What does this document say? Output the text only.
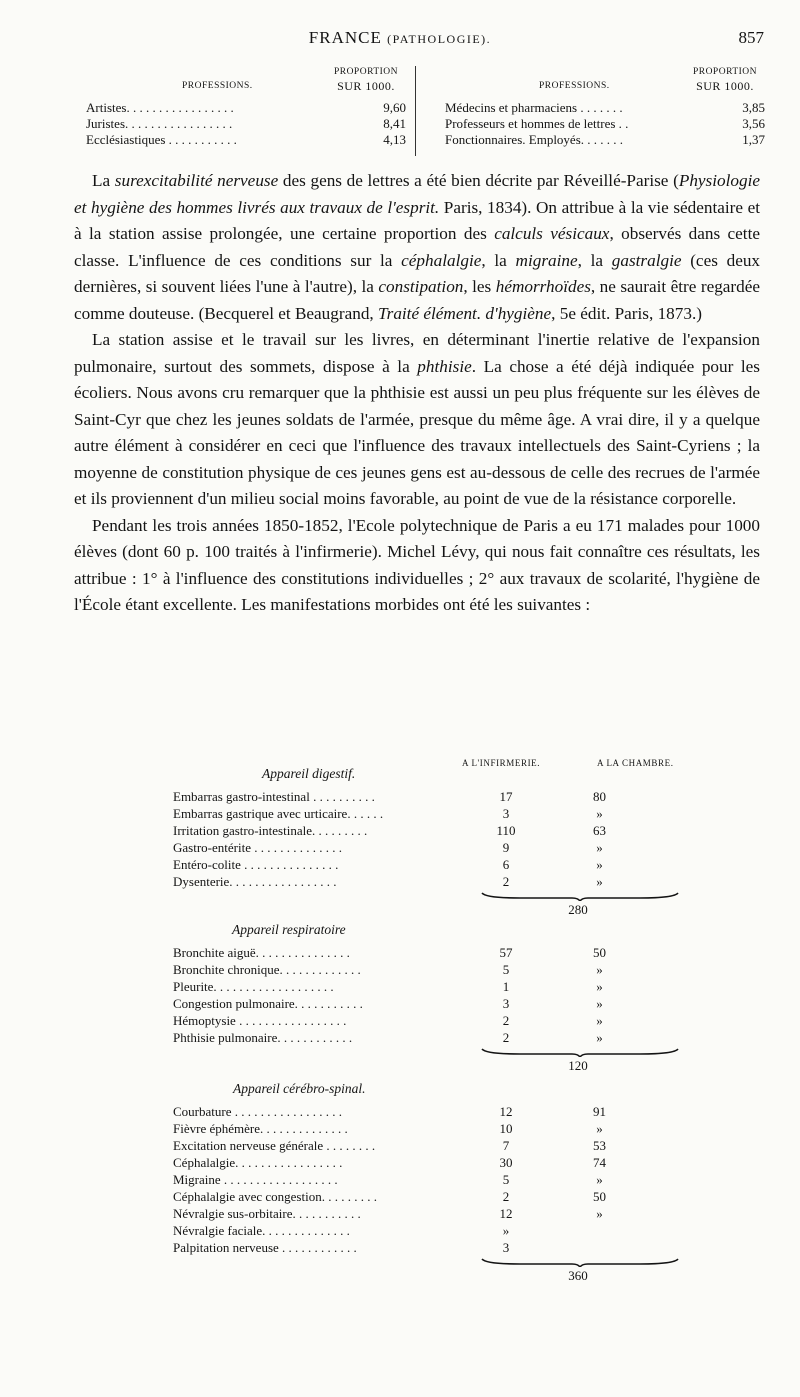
FRANCE (PATHOLOGIE).	857
PROFESSIONS.
PROPORTION
SUR 1000.
Artistes. . . . . . . . . . . . . . . . .	9,60
Juristes. . . . . . . . . . . . . . . . .	8,41
Ecclésiastiques . . . . . . . . . . .	4,13
PROFESSIONS.
PROPORTION
SUR 1000.
Médecins et pharmaciens . . . . . . .	3,85
Professeurs et hommes de lettres . .	3,56
Fonctionnaires. Employés. . . . . . .	1,37

La surexcitabilité nerveuse des gens de lettres a été bien décrite par Réveillé-Parise (Physiologie et hygiène des hommes livrés aux travaux de l'esprit. Paris, 1834). On attribue à la vie sédentaire et à la station assise prolongée, une certaine proportion des calculs vésicaux, observés dans cette classe. L'influence de ces conditions sur la céphalalgie, la migraine, la gastralgie (ces deux dernières, si souvent liées l'une à l'autre), la constipation, les hémorrhoïdes, ne saurait être regardée comme douteuse. (Becquerel et Beaugrand, Traité élément. d'hygiène, 5e édit. Paris, 1873.)

La station assise et le travail sur les livres, en déterminant l'inertie relative de l'expansion pulmonaire, surtout des sommets, dispose à la phthisie. La chose a été déjà indiquée pour les écoliers. Nous avons cru remarquer que la phthisie est aussi un peu plus fréquente sur les élèves de Saint-Cyr que chez les jeunes soldats de l'armée, presque du même âge. A vrai dire, il y a quelque autre élément à considérer en ceci que l'influence des travaux intellectuels des Saint-Cyriens ; la moyenne de constitution physique de ces jeunes gens est au-dessous de celle des recrues de l'armée et ils proviennent d'un milieu social moins favorable, au point de vue de la résistance corporelle.

Pendant les trois années 1850-1852, l'Ecole polytechnique de Paris a eu 171 malades pour 1000 élèves (dont 60 p. 100 traités à l'infirmerie). Michel Lévy, qui nous fait connaître ces résultats, les attribue : 1° à l'influence des constitutions individuelles ; 2° aux travaux de scolarité, l'hygiène de l'École étant excellente. Les manifestations morbides ont été les suivantes :

A L'INFIRMERIE.	A LA CHAMBRE.
Appareil digestif.
Embarras gastro-intestinal . . . . . . . . . .	17	80
Embarras gastrique avec urticaire. . . . . .	3	»
Irritation gastro-intestinale. . . . . . . . .	110	63
Gastro-entérite . . . . . . . . . . . . . .	9	»
Entéro-colite . . . . . . . . . . . . . . .	6	»
Dysenterie. . . . . . . . . . . . . . . . .	2	»
280
Appareil respiratoire
Bronchite aiguë. . . . . . . . . . . . . . .	57	50
Bronchite chronique. . . . . . . . . . . . .	5	»
Pleurite. . . . . . . . . . . . . . . . . . .	1	»
Congestion pulmonaire. . . . . . . . . . .	3	»
Hémoptysie . . . . . . . . . . . . . . . . .	2	»
Phthisie pulmonaire. . . . . . . . . . . .	2	»
120
Appareil cérébro-spinal.
Courbature . . . . . . . . . . . . . . . . .	12	91
Fièvre éphémère. . . . . . . . . . . . . .	10	»
Excitation nerveuse générale . . . . . . . .	7	53
Céphalalgie. . . . . . . . . . . . . . . . .	30	74
Migraine . . . . . . . . . . . . . . . . . .	5	»
Céphalalgie avec congestion. . . . . . . . .	2	50
Névralgie sus-orbitaire. . . . . . . . . . .	12	»
Névralgie faciale. . . . . . . . . . . . . .	»
Palpitation nerveuse . . . . . . . . . . . .	3
360
